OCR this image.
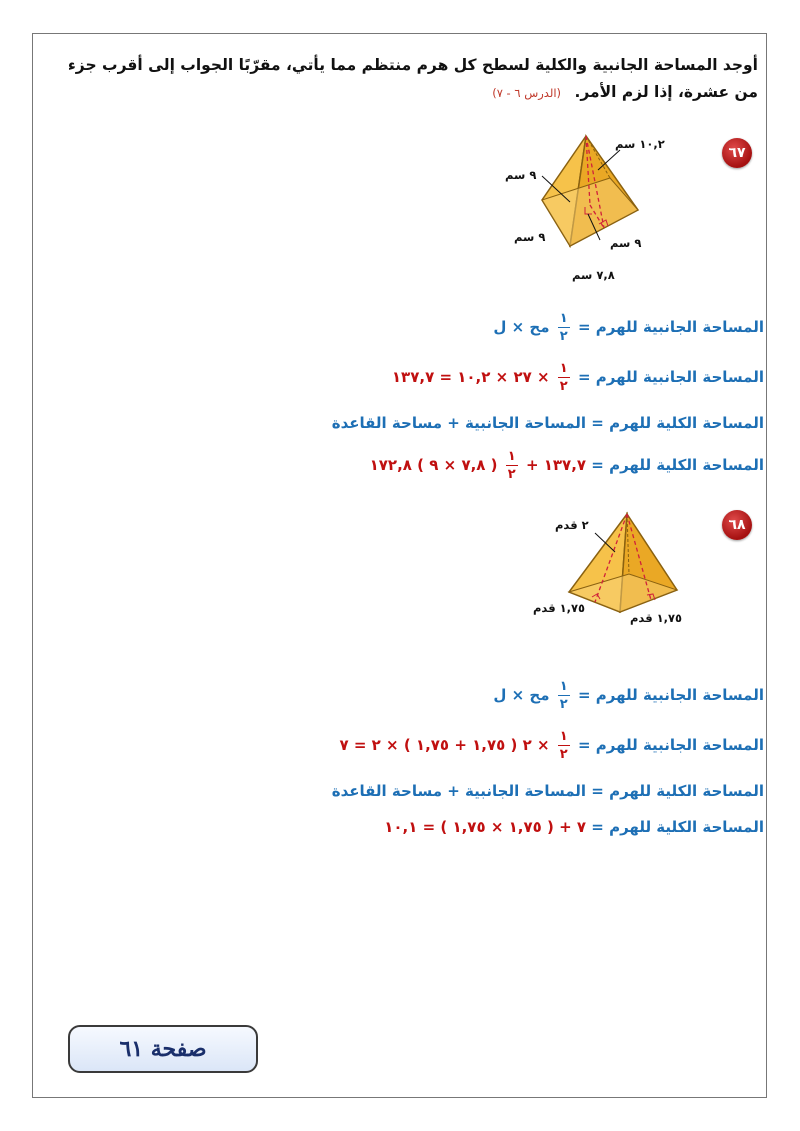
أوجد المساحة الجانبية والكلية لسطح كل هرم منتظم مما يأتي، مقرّبًا الجواب إلى أقرب جزء من عشرة، إذا لزم الأمر. (الدرس ٦ - ٧)
٦٧
١٠,٢ سم
٩ سم
٩ سم	٩ سم
٧,٨ سم
المساحة الجانبية للهرم =
$\frac{١}{٢}$
مح × ل
المساحة الجانبية للهرم =
$\frac{١}{٢}$
× ٢٧ × ١٠,٢ = ١٣٧,٧
المساحة الكلية للهرم = المساحة الجانبية + مساحة القاعدة
المساحة الكلية للهرم = ١٣٧,٧ +
$\frac{١}{٢}$
( ٧,٨ × ٩ ) ١٧٢,٨
٦٨
٢ قدم
١,٧٥ قدم
١,٧٥ قدم
المساحة الجانبية للهرم =
$\frac{١}{٢}$
مح × ل
المساحة الجانبية للهرم =
$\frac{١}{٢}$
× ٢ ( ١,٧٥ + ١,٧٥ ) × ٢ = ٧
المساحة الكلية للهرم = المساحة الجانبية + مساحة القاعدة
المساحة الكلية للهرم = ٧ + ( ١,٧٥ × ١,٧٥ ) = ١٠,١
صفحة ٦١
